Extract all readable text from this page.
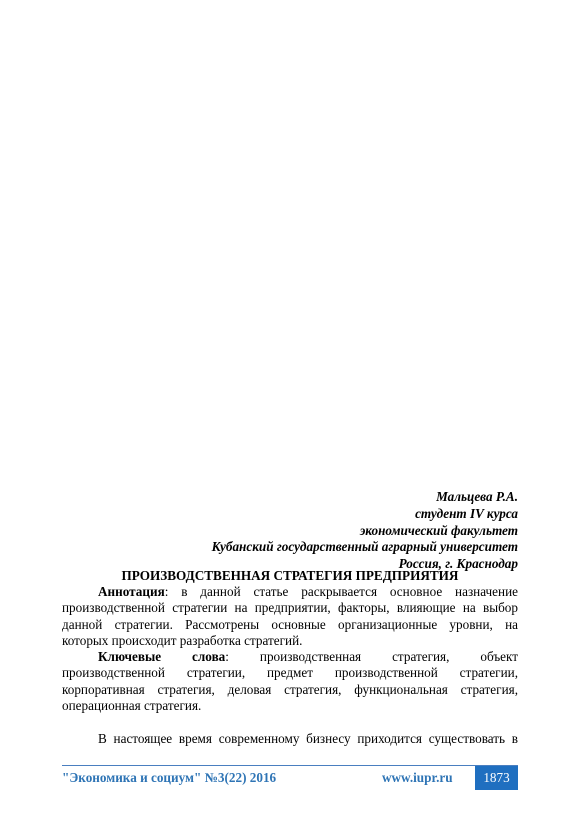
Мальцева Р.А.
студент IV курса
экономический факультет
Кубанский государственный аграрный университет
Россия, г. Краснодар
ПРОИЗВОДСТВЕННАЯ СТРАТЕГИЯ ПРЕДПРИЯТИЯ
Аннотация: в данной статье раскрывается основное назначение
производственной стратегии на предприятии, факторы, влияющие на выбор
данной стратегии. Рассмотрены основные организационные уровни, на
которых происходит разработка стратегий.
Ключевые слова: производственная стратегия, объект
производственной стратегии, предмет производственной стратегии,
корпоративная стратегия, деловая стратегия, функциональная стратегия,
операционная стратегия.
В настоящее время современному бизнесу приходится существовать в
"Экономика и социум" №3(22) 2016	www.iupr.ru	1873
